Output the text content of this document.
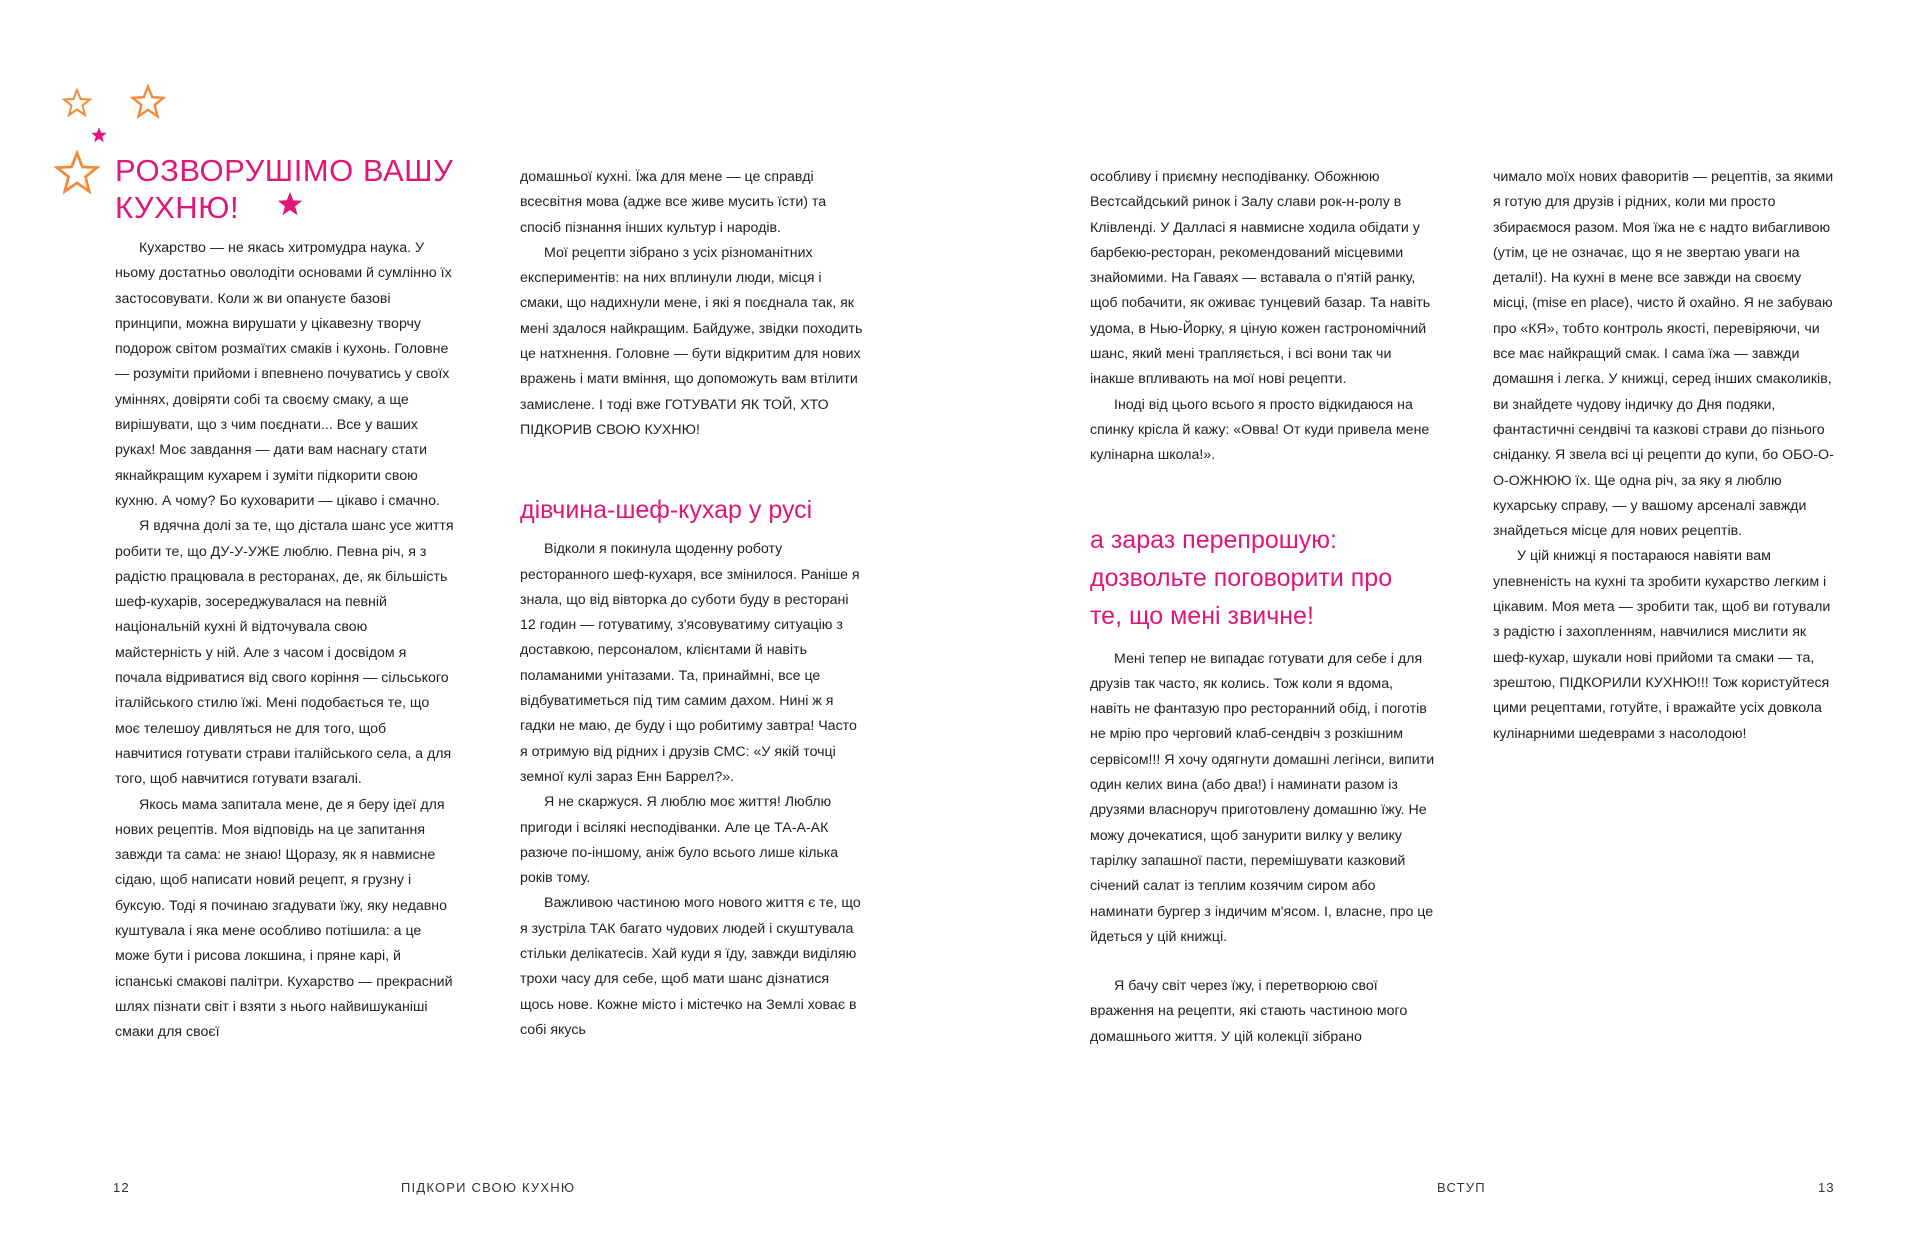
РОЗВОРУШІМО ВАШУ
КУХНЮ!

Кухарство — не якась хитромудра наука. У ньому достатньо оволодіти основами й сумлінно їх застосовувати. Коли ж ви опануєте базові принципи, можна вирушати у цікавезну творчу подорож світом розмаїтих смаків і кухонь. Головне — розуміти прийоми і впевнено почуватись у своїх уміннях, довіряти собі та своєму смаку, а ще вирішувати, що з чим поєднати... Все у ваших руках! Моє завдання — дати вам наснагу стати якнайкращим кухарем і зуміти підкорити свою кухню. А чому? Бо куховарити — цікаво і смачно.

Я вдячна долі за те, що дістала шанс усе життя робити те, що ДУ-У-УЖЕ люблю. Певна річ, я з радістю працювала в ресторанах, де, як більшість шеф-кухарів, зосереджувалася на певній національній кухні й відточувала свою майстерність у ній. Але з часом і досвідом я почала відриватися від свого коріння — сільського італійського стилю їжі. Мені подобається те, що моє телешоу дивляться не для того, щоб навчитися готувати страви італійського села, а для того, щоб навчитися готувати взагалі.

Якось мама запитала мене, де я беру ідеї для нових рецептів. Моя відповідь на це запитання завжди та сама: не знаю! Щоразу, як я навмисне сідаю, щоб написати новий рецепт, я грузну і буксую. Тоді я починаю згадувати їжу, яку недавно куштувала і яка мене особливо потішила: а це може бути і рисова локшина, і пряне карі, й іспанські смакові палітри. Кухарство — прекрасний шлях пізнати світ і взяти з нього найвишуканіші смаки для своєї

домашньої кухні. Їжа для мене — це справді всесвітня мова (адже все живе мусить їсти) та спосіб пізнання інших культур і народів.

Мої рецепти зібрано з усіх різноманітних експериментів: на них вплинули люди, місця і смаки, що надихнули мене, і які я поєднала так, як мені здалося найкращим. Байдуже, звідки походить це натхнення. Головне — бути відкритим для нових вражень і мати вміння, що допоможуть вам втілити замислене. І тоді вже ГОТУВАТИ ЯК ТОЙ, ХТО ПІДКОРИВ СВОЮ КУХНЮ!

дівчина-шеф-кухар у русі

Відколи я покинула щоденну роботу ресторанного шеф-кухаря, все змінилося. Раніше я знала, що від вівторка до суботи буду в ресторані 12 годин — готуватиму, з'ясовуватиму ситуацію з доставкою, персоналом, клієнтами й навіть поламаними унітазами. Та, принаймні, все це відбуватиметься під тим самим дахом. Нині ж я гадки не маю, де буду і що робитиму завтра! Часто я отримую від рідних і друзів СМС: «У якій точці земної кулі зараз Енн Баррел?».

Я не скаржуся. Я люблю моє життя! Люблю пригоди і всілякі несподіванки. Але це ТА-А-АК разюче по-іншому, аніж було всього лише кілька років тому.

Важливою частиною мого нового життя є те, що я зустріла ТАК багато чудових людей і скуштувала стільки делікатесів. Хай куди я їду, завжди виділяю трохи часу для себе, щоб мати шанс дізнатися щось нове. Кожне місто і містечко на Землі ховає в собі якусь

особливу і приємну несподіванку. Обожнюю Вестсайдський ринок і Залу слави рок-н-ролу в Клівленді. У Далласі я навмисне ходила обідати у барбекю-ресторан, рекомендований місцевими знайомими. На Гаваях — вставала о п'ятій ранку, щоб побачити, як оживає тунцевий базар. Та навіть удома, в Нью-Йорку, я ціную кожен гастрономічний шанс, який мені трапляється, і всі вони так чи інакше впливають на мої нові рецепти.

Іноді від цього всього я просто відкидаюся на спинку крісла й кажу: «Овва! От куди привела мене кулінарна школа!».

а зараз перепрошую: дозвольте поговорити про те, що мені звичне!

Мені тепер не випадає готувати для себе і для друзів так часто, як колись. Тож коли я вдома, навіть не фантазую про ресторанний обід, і поготів не мрію про черговий клаб-сендвіч з розкішним сервісом!!! Я хочу одягнути домашні легінси, випити один келих вина (або два!) і наминати разом із друзями власноруч приготовлену домашню їжу. Не можу дочекатися, щоб занурити вилку у велику тарілку запашної пасти, перемішувати казковий січений салат із теплим козячим сиром або наминати бургер з індичим м'ясом. І, власне, про це йдеться у цій книжці.

Я бачу світ через їжу, і перетворюю свої враження на рецепти, які стають частиною мого домашнього життя. У цій колекції зібрано

чимало моїх нових фаворитів — рецептів, за якими я готую для друзів і рідних, коли ми просто збираємося разом. Моя їжа не є надто вибагливою (утім, це не означає, що я не звертаю уваги на деталі!). На кухні в мене все завжди на своєму місці, (mise en place), чисто й охайно. Я не забуваю про «КЯ», тобто контроль якості, перевіряючи, чи все має найкращий смак. І сама їжа — завжди домашня і легка. У книжці, серед інших смаколиків, ви знайдете чудову індичку до Дня подяки, фантастичні сендвічі та казкові страви до пізнього сніданку. Я звела всі ці рецепти до купи, бо ОБО-О-О-ОЖНЮЮ їх. Ще одна річ, за яку я люблю кухарську справу, — у вашому арсеналі завжди знайдеться місце для нових рецептів.

У цій книжці я постараюся навіяти вам упевненість на кухні та зробити кухарство легким і цікавим. Моя мета — зробити так, щоб ви готували з радістю і захопленням, навчилися мислити як шеф-кухар, шукали нові прийоми та смаки — та, зрештою, ПІДКОРИЛИ КУХНЮ!!! Тож користуйтеся цими рецептами, готуйте, і вражайте усіх довкола кулінарними шедеврами з насолодою!

12	ПІДКОРИ СВОЮ КУХНЮ	ВСТУП	13
